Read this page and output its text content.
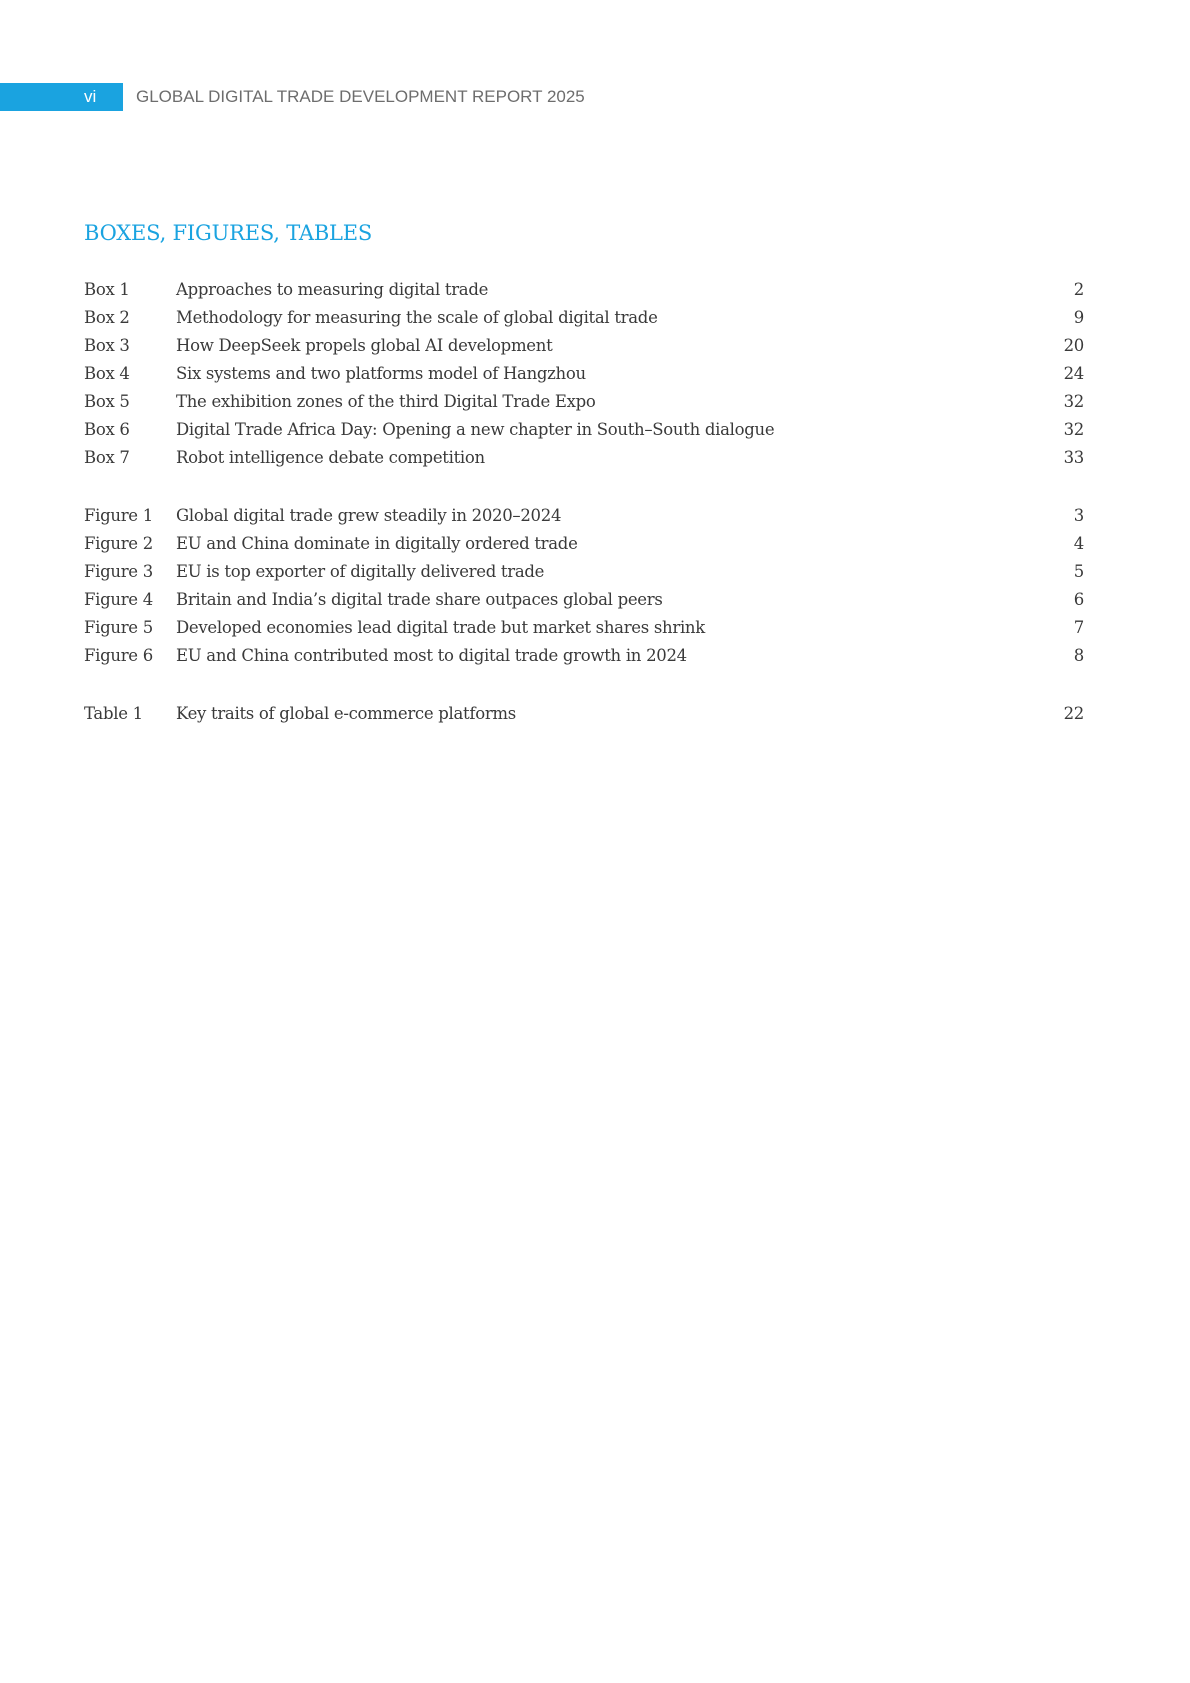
vi	GLOBAL DIGITAL TRADE DEVELOPMENT REPORT 2025
BOXES, FIGURES, TABLES
Box 1	Approaches to measuring digital trade	2
Box 2	Methodology for measuring the scale of global digital trade	9
Box 3	How DeepSeek propels global AI development	20
Box 4	Six systems and two platforms model of Hangzhou	24
Box 5	The exhibition zones of the third Digital Trade Expo	32
Box 6	Digital Trade Africa Day: Opening a new chapter in South–South dialogue	32
Box 7	Robot intelligence debate competition	33
Figure 1 Global digital trade grew steadily in 2020–2024	3
Figure 2 EU and China dominate in digitally ordered trade	4
Figure 3 EU is top exporter of digitally delivered trade	5
Figure 4 Britain and India’s digital trade share outpaces global peers	6
Figure 5 Developed economies lead digital trade but market shares shrink	7
Figure 6 EU and China contributed most to digital trade growth in 2024	8
Table 1 Key traits of global e-commerce platforms	22
